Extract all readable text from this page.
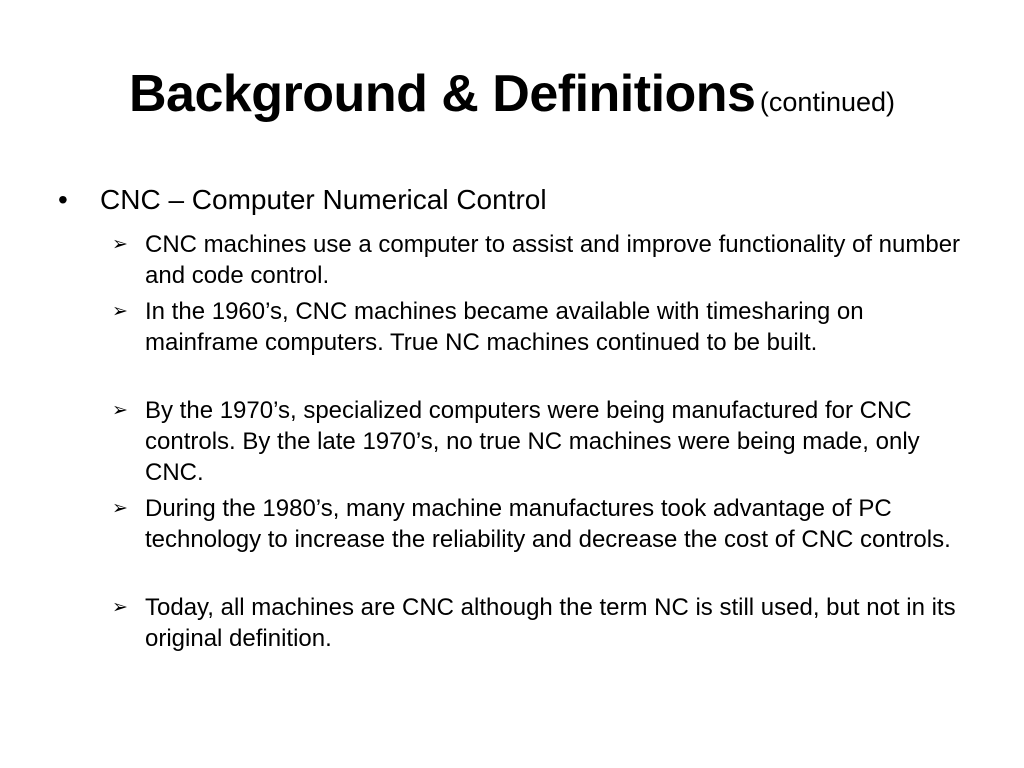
Background & Definitions (continued)
• CNC – Computer Numerical Control
➢ CNC machines use a computer to assist and improve functionality of number and code control.
➢ In the 1960’s, CNC machines became available with timesharing on mainframe computers. True NC machines continued to be built.
➢ By the 1970’s, specialized computers were being manufactured for CNC controls. By the late 1970’s, no true NC machines were being made, only CNC.
➢ During the 1980’s, many machine manufactures took advantage of PC technology to increase the reliability and decrease the cost of CNC controls.
➢ Today, all machines are CNC although the term NC is still used, but not in its original definition.
